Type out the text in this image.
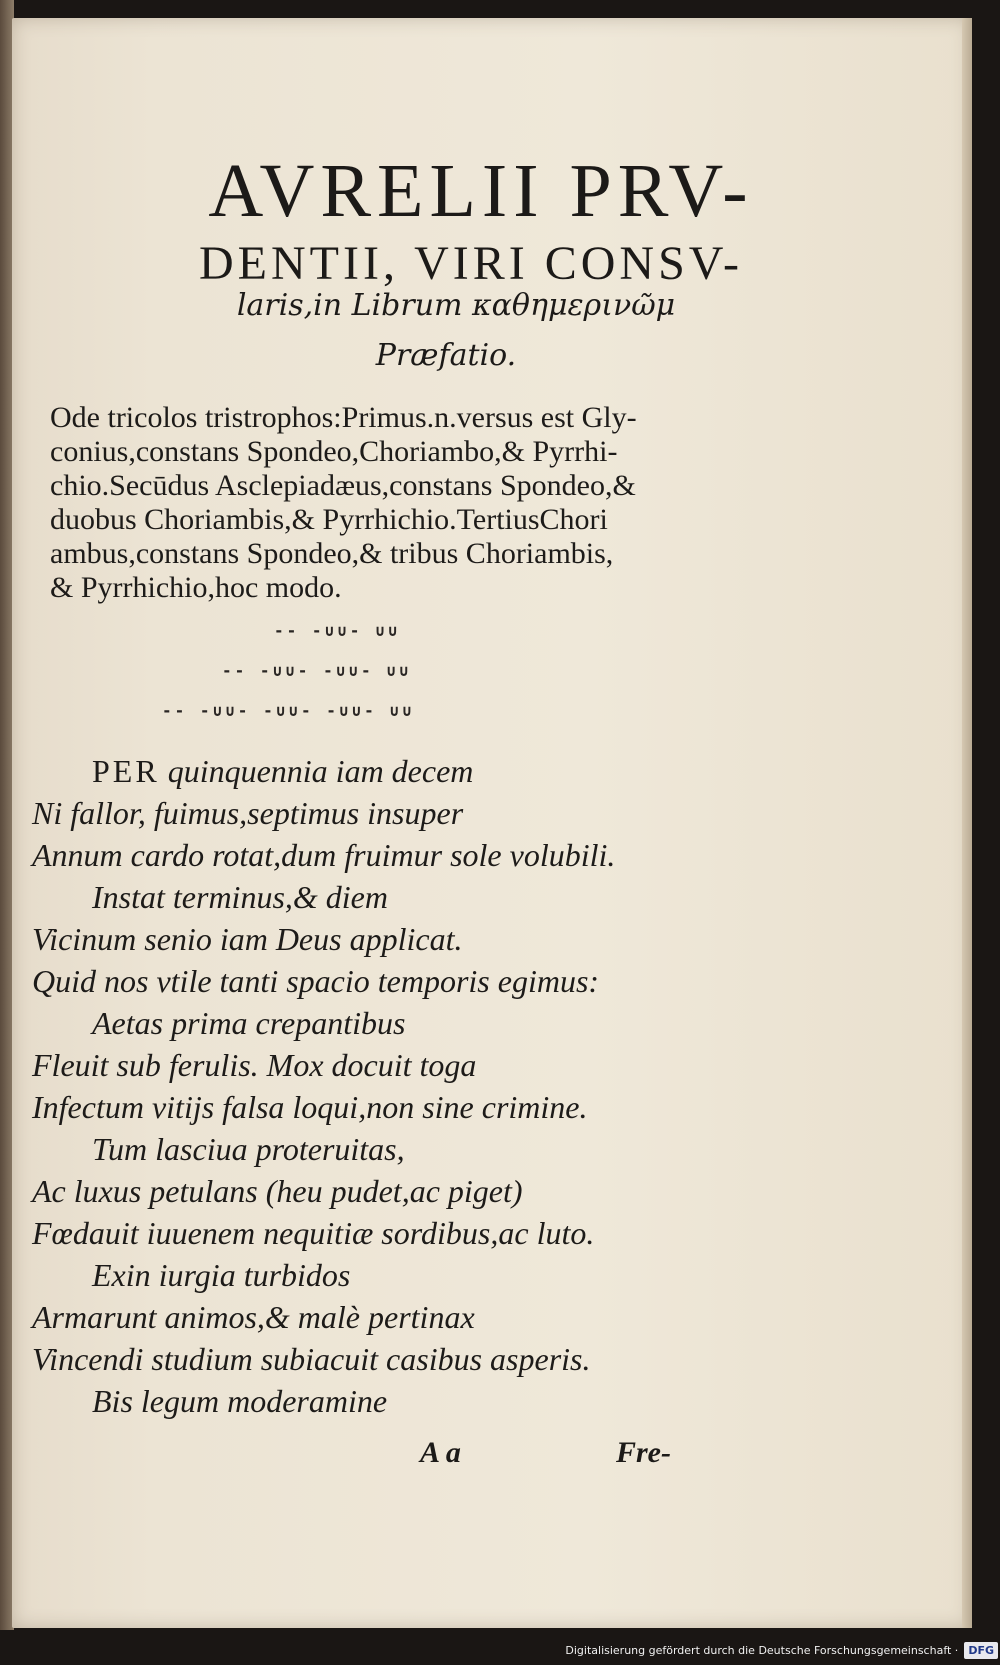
AVRELII PRV-
DENTII, VIRI CONSV-
laris,in Librum καθημερινῶμ
Præfatio.
Ode tricolos tristrophos:Primus.n.versus est Gly-
conius,constans Spondeo,Choriambo,& Pyrrhi-
chio.Secūdus Asclepiadæus,constans Spondeo,&
duobus Choriambis,& Pyrrhichio.TertiusChori
ambus,constans Spondeo,& tribus Choriambis,
& Pyrrhichio,hoc modo.
-- -∪∪- ∪∪
-- -∪∪- -∪∪- ∪∪
-- -∪∪- -∪∪- -∪∪- ∪∪
PER quinquennia iam decem
Ni fallor, fuimus,septimus insuper
Annum cardo rotat,dum fruimur sole volubili.
Instat terminus,& diem
Vicinum senio iam Deus applicat.
Quid nos vtile tanti spacio temporis egimus:
Aetas prima crepantibus
Fleuit sub ferulis. Mox docuit toga
Infectum vitijs falsa loqui,non sine crimine.
Tum lasciua proteruitas,
Ac luxus petulans (heu pudet,ac piget)
Fœdauit iuuenem nequitiæ sordibus,ac luto.
Exin iurgia turbidos
Armarunt animos,& malè pertinax
Vincendi studium subiacuit casibus asperis.
Bis legum moderamine
A a	Fre-
Digitalisierung gefördert durch die Deutsche Forschungsgemeinschaft · DFG
